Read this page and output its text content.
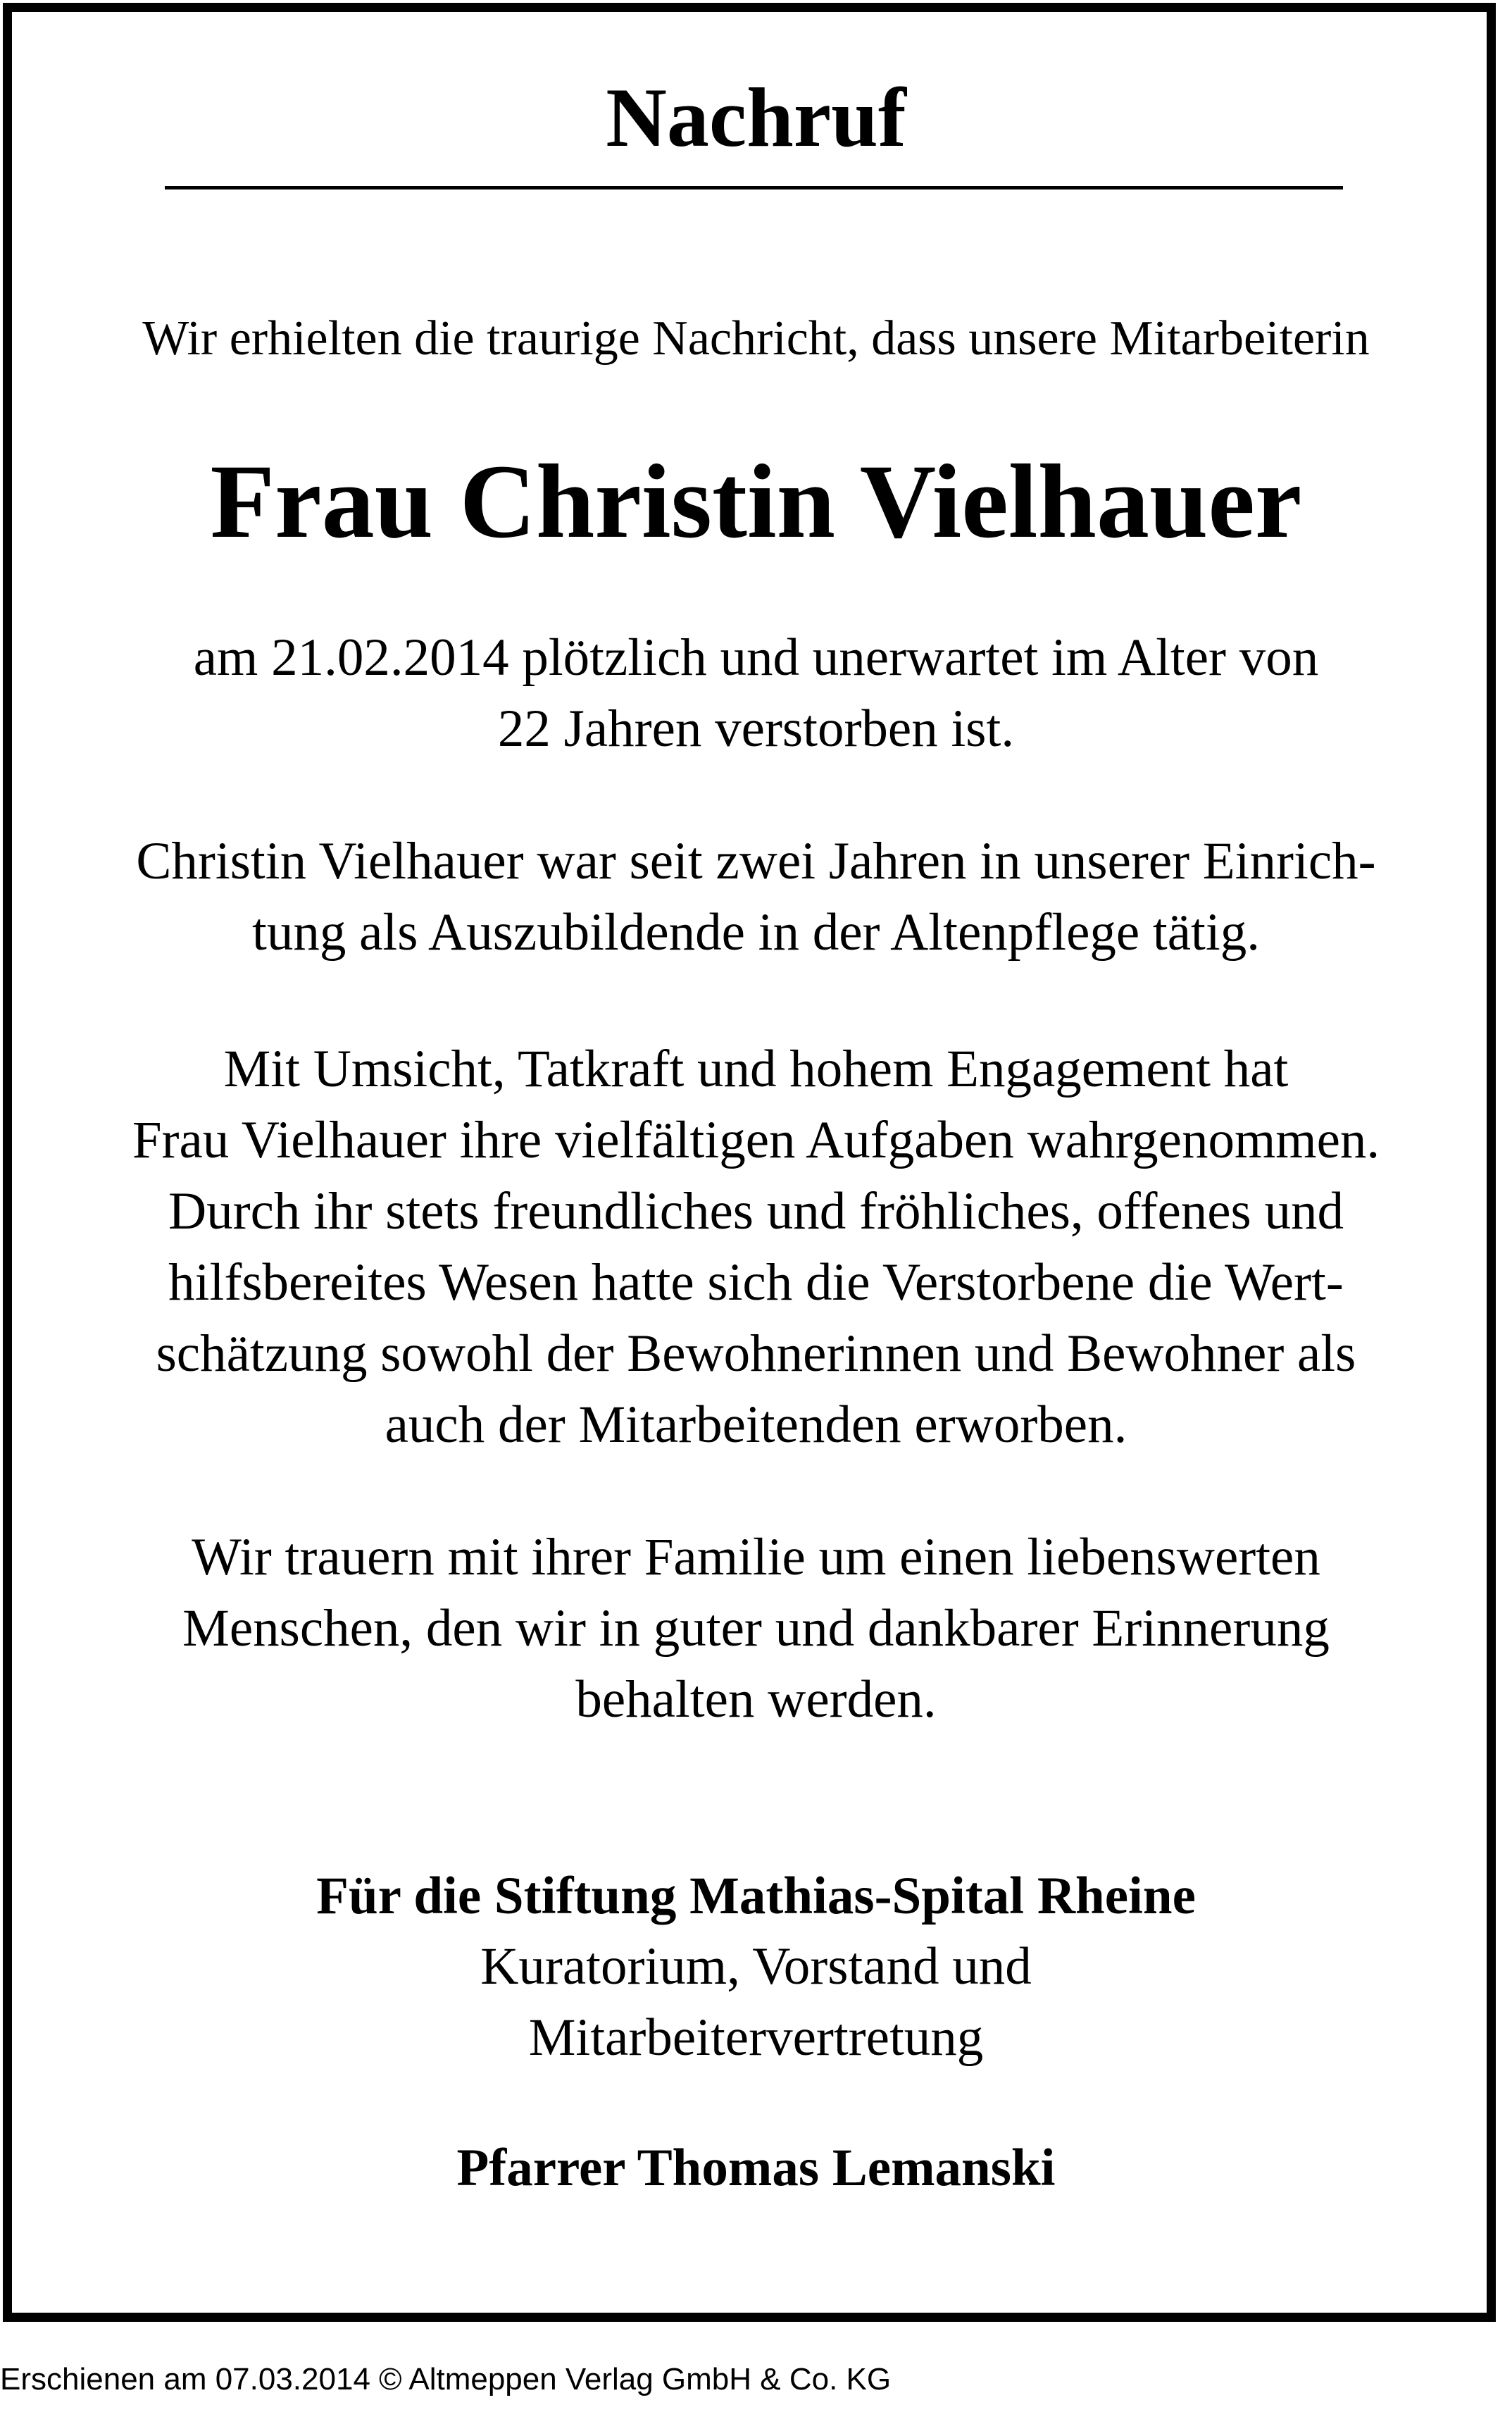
Nachruf
Wir erhielten die traurige Nachricht, dass unsere Mitarbeiterin
Frau Christin Vielhauer
am 21.02.2014 plötzlich und unerwartet im Alter von
22 Jahren verstorben ist.
Christin Vielhauer war seit zwei Jahren in unserer Einrich-
tung als Auszubildende in der Altenpflege tätig.
Mit Umsicht, Tatkraft und hohem Engagement hat
Frau Vielhauer ihre vielfältigen Aufgaben wahrgenommen.
Durch ihr stets freundliches und fröhliches, offenes und
hilfsbereites Wesen hatte sich die Verstorbene die Wert-
schätzung sowohl der Bewohnerinnen und Bewohner als
auch der Mitarbeitenden erworben.
Wir trauern mit ihrer Familie um einen liebenswerten
Menschen, den wir in guter und dankbarer Erinnerung
behalten werden.
Für die Stiftung Mathias-Spital Rheine
Kuratorium, Vorstand und
Mitarbeitervertretung
Pfarrer Thomas Lemanski
Erschienen am 07.03.2014 © Altmeppen Verlag GmbH & Co. KG
